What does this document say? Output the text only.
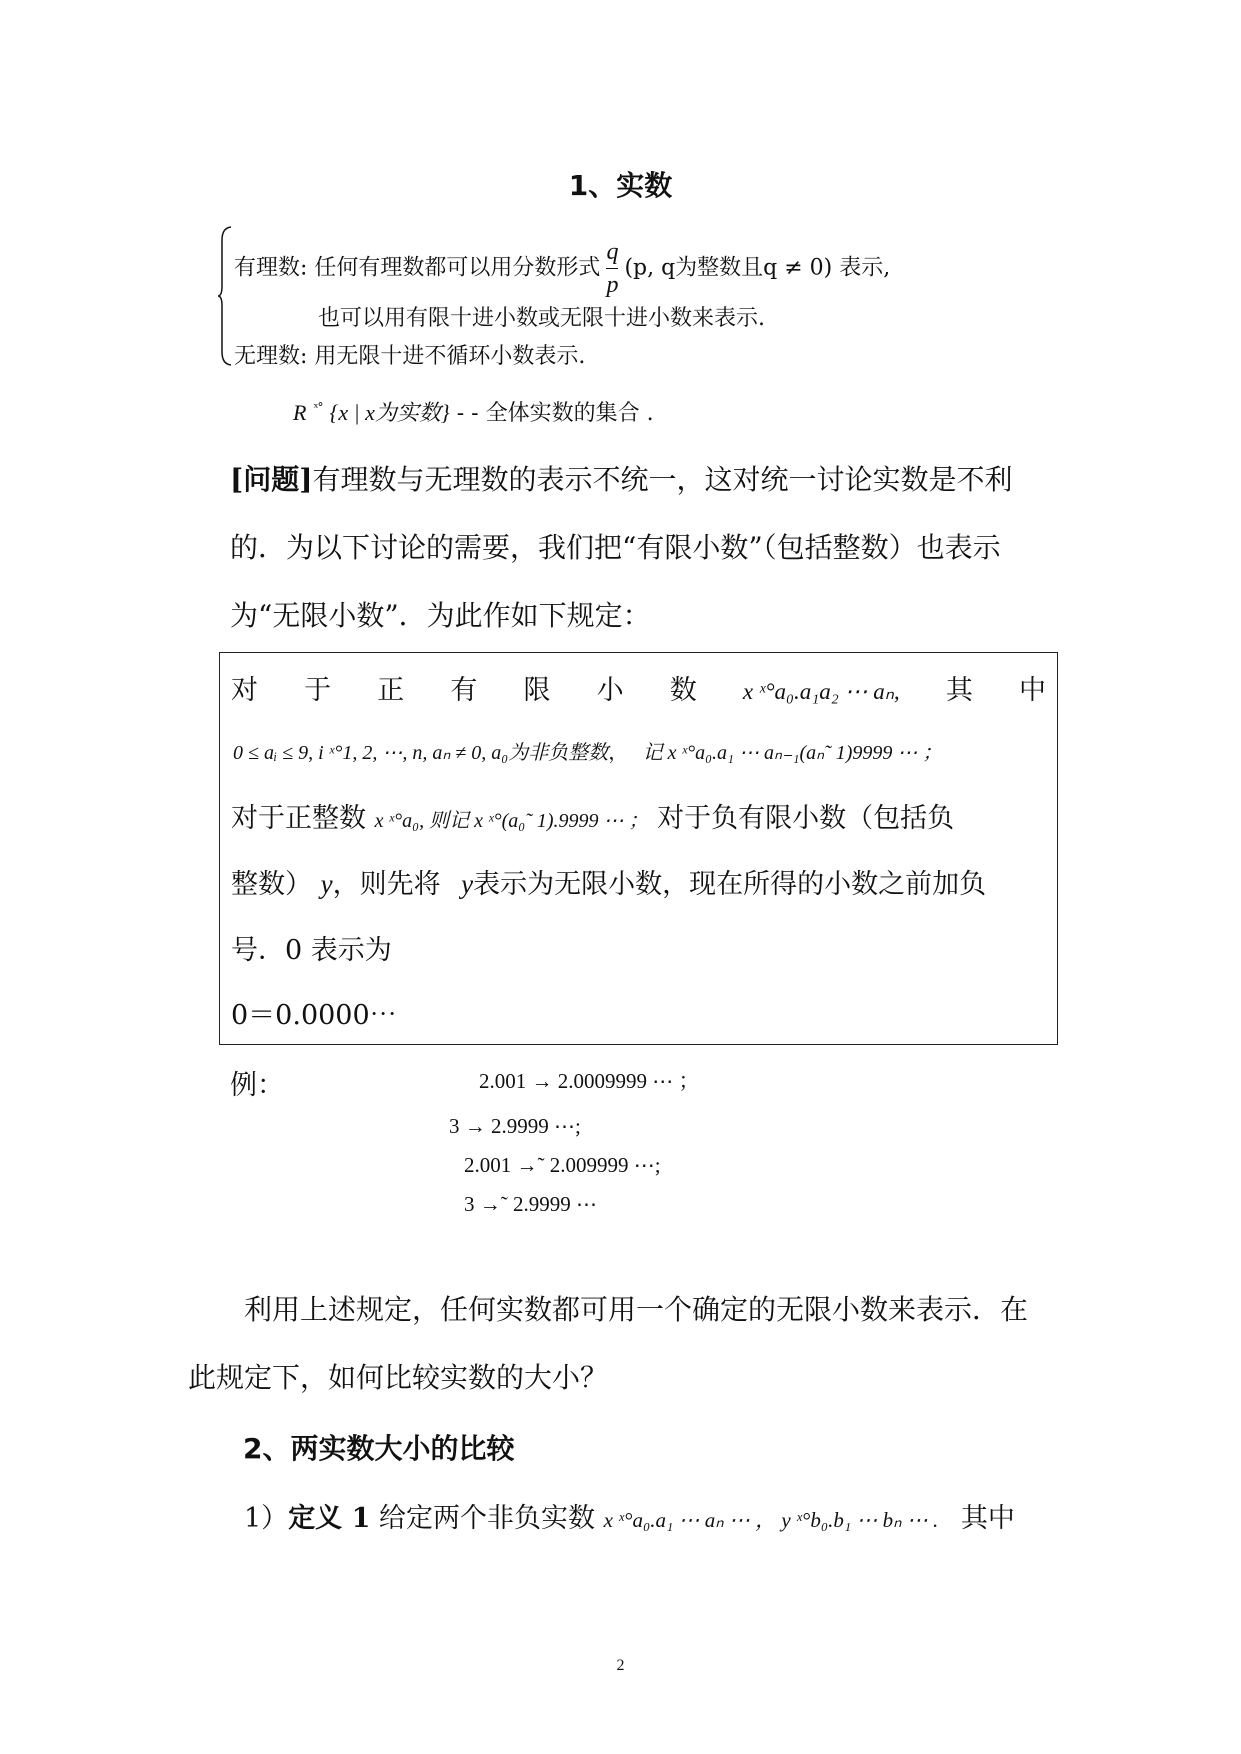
1、实数
有理数: 任何有理数都可以用分数形式 $\frac{q}{p} (p$, q为整数且q ≠ 0) 表示,
也可以用有限十进小数或无限十进小数来表示.
无理数: 用无限十进不循环小数表示.
R $^{ˣ^\circ}$ {x | x为实数} - - 全体实数的集合 .
[问题]有理数与无理数的表示不统一，这对统一讨论实数是不利
的．为以下讨论的需要，我们把“有限小数”（包括整数）也表示
为“无限小数”．为此作如下规定：
对 于 正 有 限 小 数 x ˣ°a₀.a₁a₂ ⋯ aₙ, 其 中
0 ≤ aᵢ ≤ 9, i ˣ°1, 2, ⋯, n, aₙ ≠ 0, a₀为非负整数， 记 x ˣ°a₀.a₁ ⋯ aₙ₋₁(aₙ˜ 1)9999 ⋯ ；
对于正整数 x ˣ°a₀, 则记 x ˣ°(a₀˜ 1).9999 ⋯ ； 对于负有限小数（包括负
整数） y，则先将 y表示为无限小数，现在所得的小数之前加负
号．0 表示为
0＝0.0000⋯
例：	2.001 → 2.0009999 ⋯ ；
3 → 2.9999 ⋯;
2.001 →˜ 2.009999 ⋯;
3 →˜ 2.9999 ⋯
利用上述规定，任何实数都可用一个确定的无限小数来表示．在
此规定下，如何比较实数的大小？
2、两实数大小的比较
1）定义 1 给定两个非负实数 x ˣ°a₀.a₁ ⋯ aₙ ⋯ ， y ˣ°b₀.b₁ ⋯ bₙ ⋯ . 其中
2
